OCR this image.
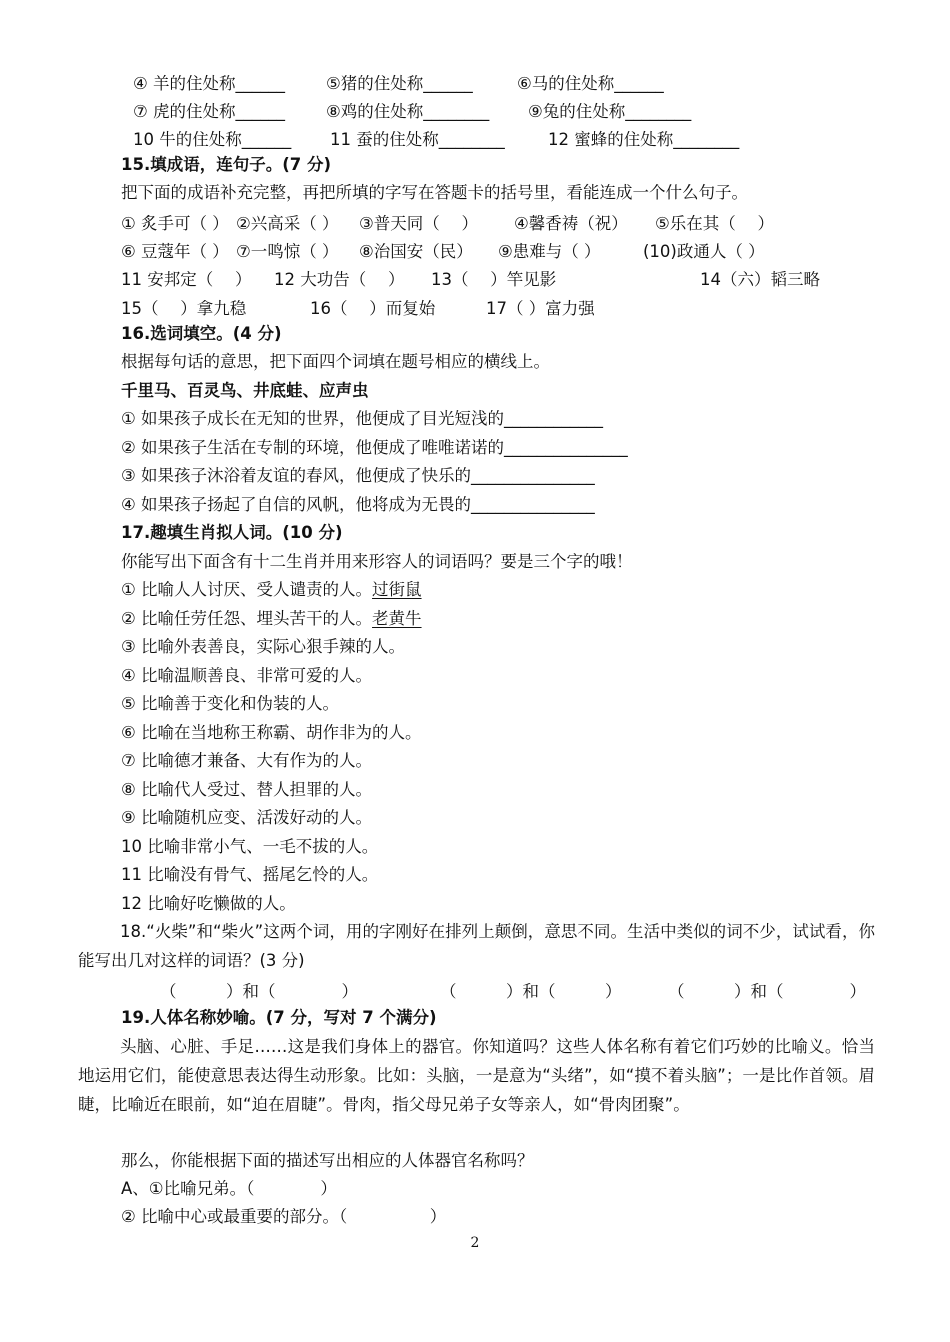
④ 羊的住处称______ ⑤猪的住处称______	⑥马的住处称______
⑦ 虎的住处称______ ⑧鸡的住处称________ ⑨兔的住处称________
10 牛的住处称______ 11 蚕的住处称________	12 蜜蜂的住处称________
15.填成语，连句子。(7 分)
把下面的成语补充完整，再把所填的字写在答题卡的括号里，看能连成一个什么句子。
① 炙手可（ ） ②兴高采（ ） ③普天同（　 ） ④馨香祷（祝） ⑤乐在其（　 ）
⑥ 豆蔻年（ ） ⑦一鸣惊（ ） ⑧治国安（民） ⑨患难与（ ）	(10)政通人（ ）
11 安邦定（　 ） 12 大功告（　 ） 13（　 ）竿见影	14（六）韬三略
15（　 ）拿九稳	16（　 ）而复始	17（ ）富力强
16.选词填空。(4 分)
根据每句话的意思，把下面四个词填在题号相应的横线上。
千里马、百灵鸟、井底蛙、应声虫
① 如果孩子成长在无知的世界，他便成了目光短浅的____________
② 如果孩子生活在专制的环境，他便成了唯唯诺诺的_______________
③ 如果孩子沐浴着友谊的春风，他便成了快乐的_______________
④ 如果孩子扬起了自信的风帆，他将成为无畏的_______________
17.趣填生肖拟人词。(10 分)
你能写出下面含有十二生肖并用来形容人的词语吗？要是三个字的哦！
① 比喻人人讨厌、受人谴责的人。过街鼠
② 比喻任劳任怨、埋头苦干的人。老黄牛
③ 比喻外表善良，实际心狠手辣的人。
④ 比喻温顺善良、非常可爱的人。
⑤ 比喻善于变化和伪装的人。
⑥ 比喻在当地称王称霸、胡作非为的人。
⑦ 比喻德才兼备、大有作为的人。
⑧ 比喻代人受过、替人担罪的人。
⑨ 比喻随机应变、活泼好动的人。
10 比喻非常小气、一毛不拔的人。
11 比喻没有骨气、摇尾乞怜的人。
12 比喻好吃懒做的人。
18.“火柴”和“柴火”这两个词，用的字刚好在排列上颠倒，意思不同。生活中类似的词不少，试试看，你能写出几对这样的词语？(3 分)
（　　　）和（　　　　）	（　　　）和（　　　）	（　　　）和（　　　　）
19.人体名称妙喻。(7 分，写对 7 个满分)
头脑、心脏、手足……这是我们身体上的器官。你知道吗？这些人体名称有着它们巧妙的比喻义。恰当地运用它们，能使意思表达得生动形象。比如：头脑，一是意为“头绪”，如“摸不着头脑”；一是比作首领。眉睫，比喻近在眼前，如“迫在眉睫”。骨肉，指父母兄弟子女等亲人，如“骨肉团聚”。
那么，你能根据下面的描述写出相应的人体器官名称吗？
A、①比喻兄弟。（　　　　）
② 比喻中心或最重要的部分。（　　　　　）
2
